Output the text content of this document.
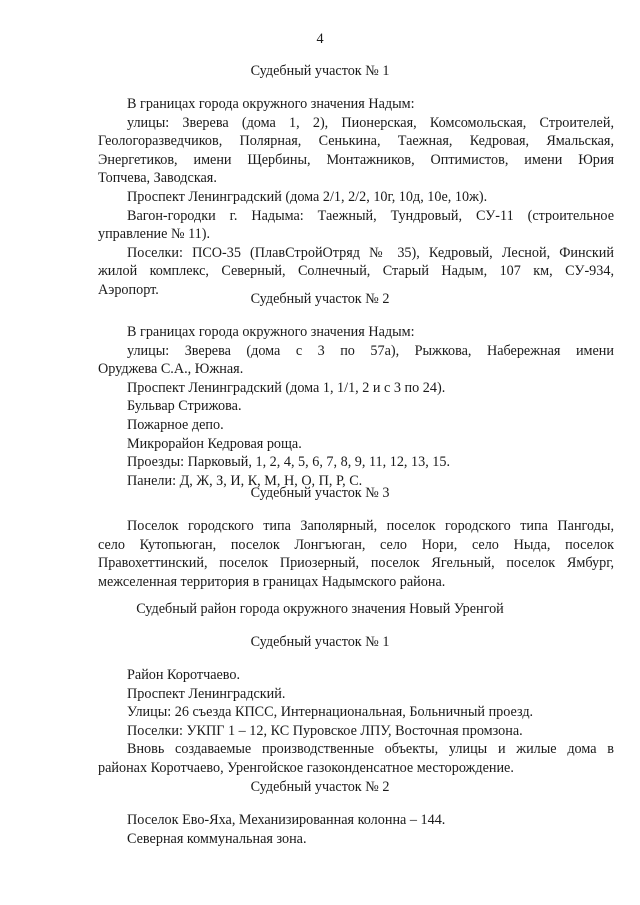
4
Судебный участок № 1
В границах города окружного значения Надым:
улицы: Зверева (дома 1, 2), Пионерская, Комсомольская, Строителей,
Геологоразведчиков, Полярная, Сенькина, Таежная, Кедровая, Ямальская,
Энергетиков, имени Щербины, Монтажников, Оптимистов, имени Юрия
Топчева, Заводская.
Проспект Ленинградский (дома 2/1, 2/2, 10г, 10д, 10е, 10ж).
Вагон-городки г. Надыма: Таежный, Тундровый, СУ-11 (строительное
управление № 11).
Поселки: ПСО-35 (ПлавСтройОтряд № 35), Кедровый, Лесной, Финский
жилой комплекс, Северный, Солнечный, Старый Надым, 107 км, СУ-934,
Аэропорт.
Судебный участок № 2
В границах города окружного значения Надым:
улицы: Зверева (дома с 3 по 57а), Рыжкова, Набережная имени
Оруджева С.А., Южная.
Проспект Ленинградский (дома 1, 1/1, 2 и с 3 по 24).
Бульвар Стрижова.
Пожарное депо.
Микрорайон Кедровая роща.
Проезды: Парковый, 1, 2, 4, 5, 6, 7, 8, 9, 11, 12, 13, 15.
Панели: Д, Ж, З, И, К, М, Н, О, П, Р, С.
Судебный участок № 3
Поселок городского типа Заполярный, поселок городского типа Пангоды,
село Кутопьюган, поселок Лонгъюган, село Нори, село Ныда, поселок
Правохеттинский, поселок Приозерный, поселок Ягельный, поселок Ямбург,
межселенная территория в границах Надымского района.
Судебный район города окружного значения Новый Уренгой
Судебный участок № 1
Район Коротчаево.
Проспект Ленинградский.
Улицы: 26 съезда КПСС, Интернациональная, Больничный проезд.
Поселки: УКПГ 1 – 12, КС Пуровское ЛПУ, Восточная промзона.
Вновь создаваемые производственные объекты, улицы и жилые дома в
районах Коротчаево, Уренгойское газоконденсатное месторождение.
Судебный участок № 2
Поселок Ево-Яха, Механизированная колонна – 144.
Северная коммунальная зона.
